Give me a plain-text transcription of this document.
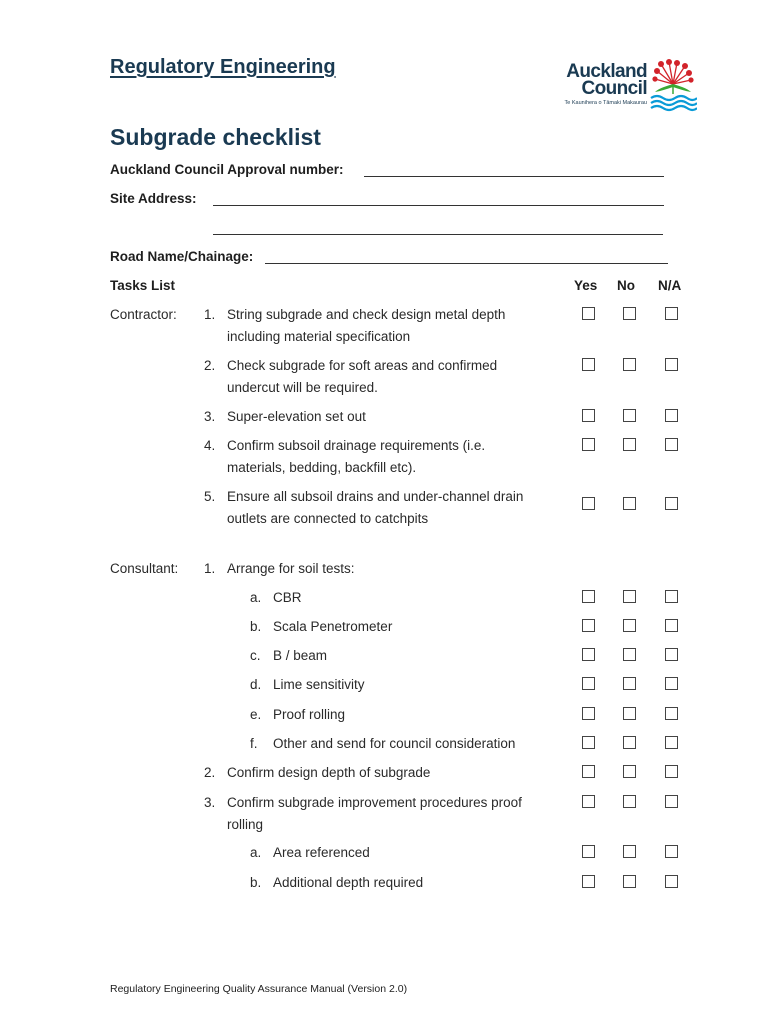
Regulatory Engineering	Auckland
Council
Te Kaunihera o Tāmaki Makaurau
Subgrade checklist
Auckland Council Approval number:
Site Address:
Road Name/Chainage:
Tasks List	Yes No N/A
Contractor:
Consultant:
1. String subgrade and check design metal depth
including material specification
2. Check subgrade for soft areas and confirmed
undercut will be required.
3. Super-elevation set out
4. Confirm subsoil drainage requirements (i.e.
materials, bedding, backfill etc).
5. Ensure all subsoil drains and under-channel drain
outlets are connected to catchpits
1. Arrange for soil tests:
a. CBR
b. Scala Penetrometer
c. B / beam
d. Lime sensitivity
e. Proof rolling
f. Other and send for council consideration
2. Confirm design depth of subgrade
3. Confirm subgrade improvement procedures proof
rolling
a. Area referenced
b. Additional depth required
Regulatory Engineering Quality Assurance Manual (Version 2.0)
